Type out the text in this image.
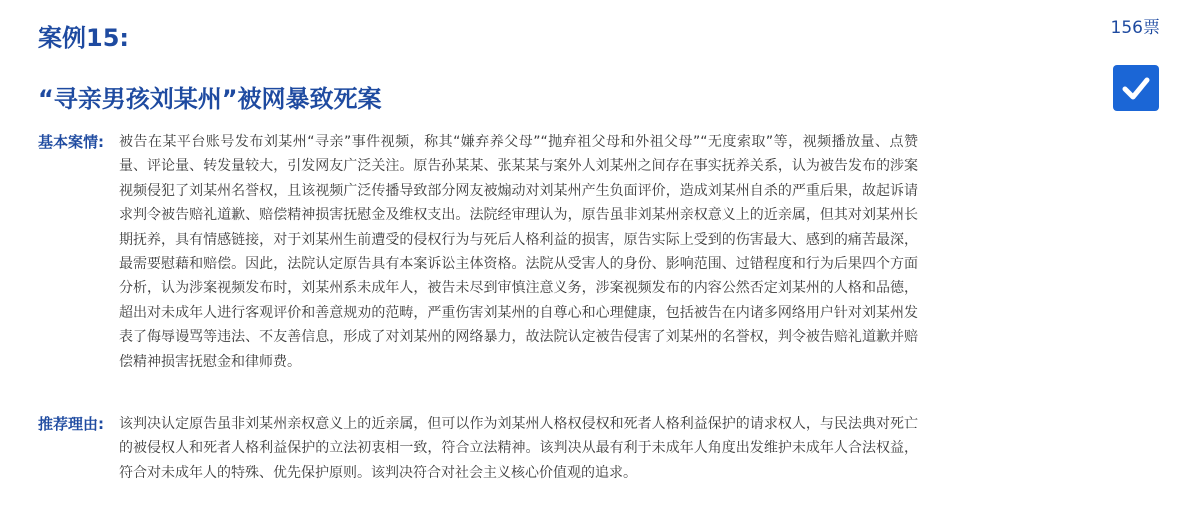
案例15:
“寻亲男孩刘某州”被网暴致死案
156票
基本案情: 被告在某平台账号发布刘某州“寻亲”事件视频，称其“嫌弃养父母”“抛弃祖父母和外祖父母”“无度索取”等，视频播放量、点赞量、评论量、转发量较大，引发网友广泛关注。原告孙某某、张某某与案外人刘某州之间存在事实抚养关系，认为被告发布的涉案视频侵犯了刘某州名誉权，且该视频广泛传播导致部分网友被煽动对刘某州产生负面评价，造成刘某州自杀的严重后果，故起诉请求判令被告赔礼道歉、赔偿精神损害抚慰金及维权支出。法院经审理认为，原告虽非刘某州亲权意义上的近亲属，但其对刘某州长期抚养，具有情感链接，对于刘某州生前遭受的侵权行为与死后人格利益的损害，原告实际上受到的伤害最大、感到的痛苦最深，最需要慰藉和赔偿。因此，法院认定原告具有本案诉讼主体资格。法院从受害人的身份、影响范围、过错程度和行为后果四个方面分析，认为涉案视频发布时，刘某州系未成年人，被告未尽到审慎注意义务，涉案视频发布的内容公然否定刘某州的人格和品德，超出对未成年人进行客观评价和善意规劝的范畴，严重伤害刘某州的自尊心和心理健康，包括被告在内诸多网络用户针对刘某州发表了侮辱谩骂等违法、不友善信息，形成了对刘某州的网络暴力，故法院认定被告侵害了刘某州的名誉权，判令被告赔礼道歉并赔偿精神损害抚慰金和律师费。
推荐理由: 该判决认定原告虽非刘某州亲权意义上的近亲属，但可以作为刘某州人格权侵权和死者人格利益保护的请求权人，与民法典对死亡的被侵权人和死者人格利益保护的立法初衷相一致，符合立法精神。该判决从最有利于未成年人角度出发维护未成年人合法权益，符合对未成年人的特殊、优先保护原则。该判决符合对社会主义核心价值观的追求。
